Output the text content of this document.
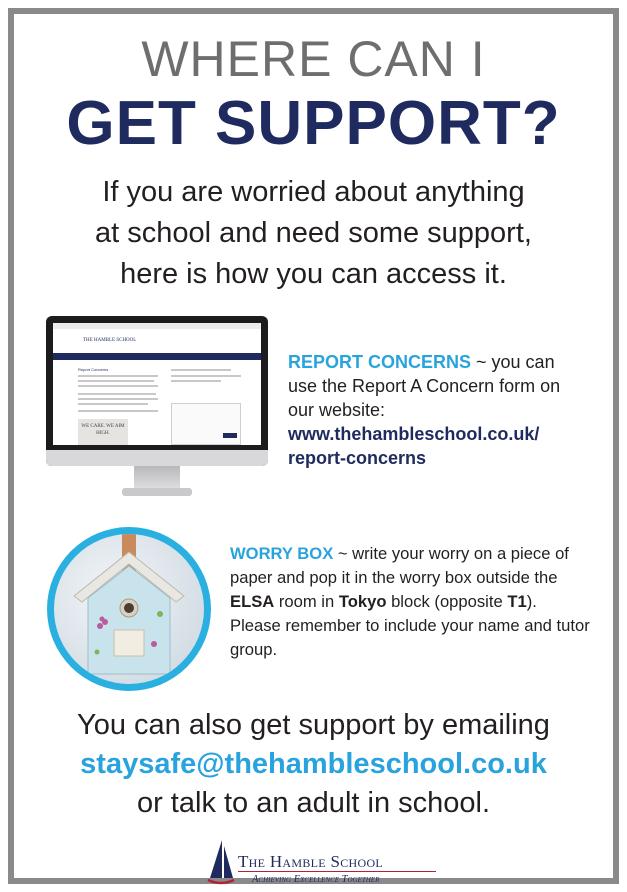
WHERE CAN I
GET SUPPORT?
If you are worried about anything
at school and need some support,
here is how you can access it.
THE HAMBLE SCHOOL
Report Concerns
WE CARE. WE AIM HIGH.
REPORT CONCERNS ~ you can use the Report A Concern form on our website:
www.thehambleschool.co.uk/
report-concerns
WORRY BOX ~ write your worry on a piece of paper and pop it in the worry box outside the ELSA room in Tokyo block (opposite T1). Please remember to include your name and tutor group.
You can also get support by emailing
staysafe@thehambleschool.co.uk
or talk to an adult in school.
The Hamble School
Achieving Excellence Together
